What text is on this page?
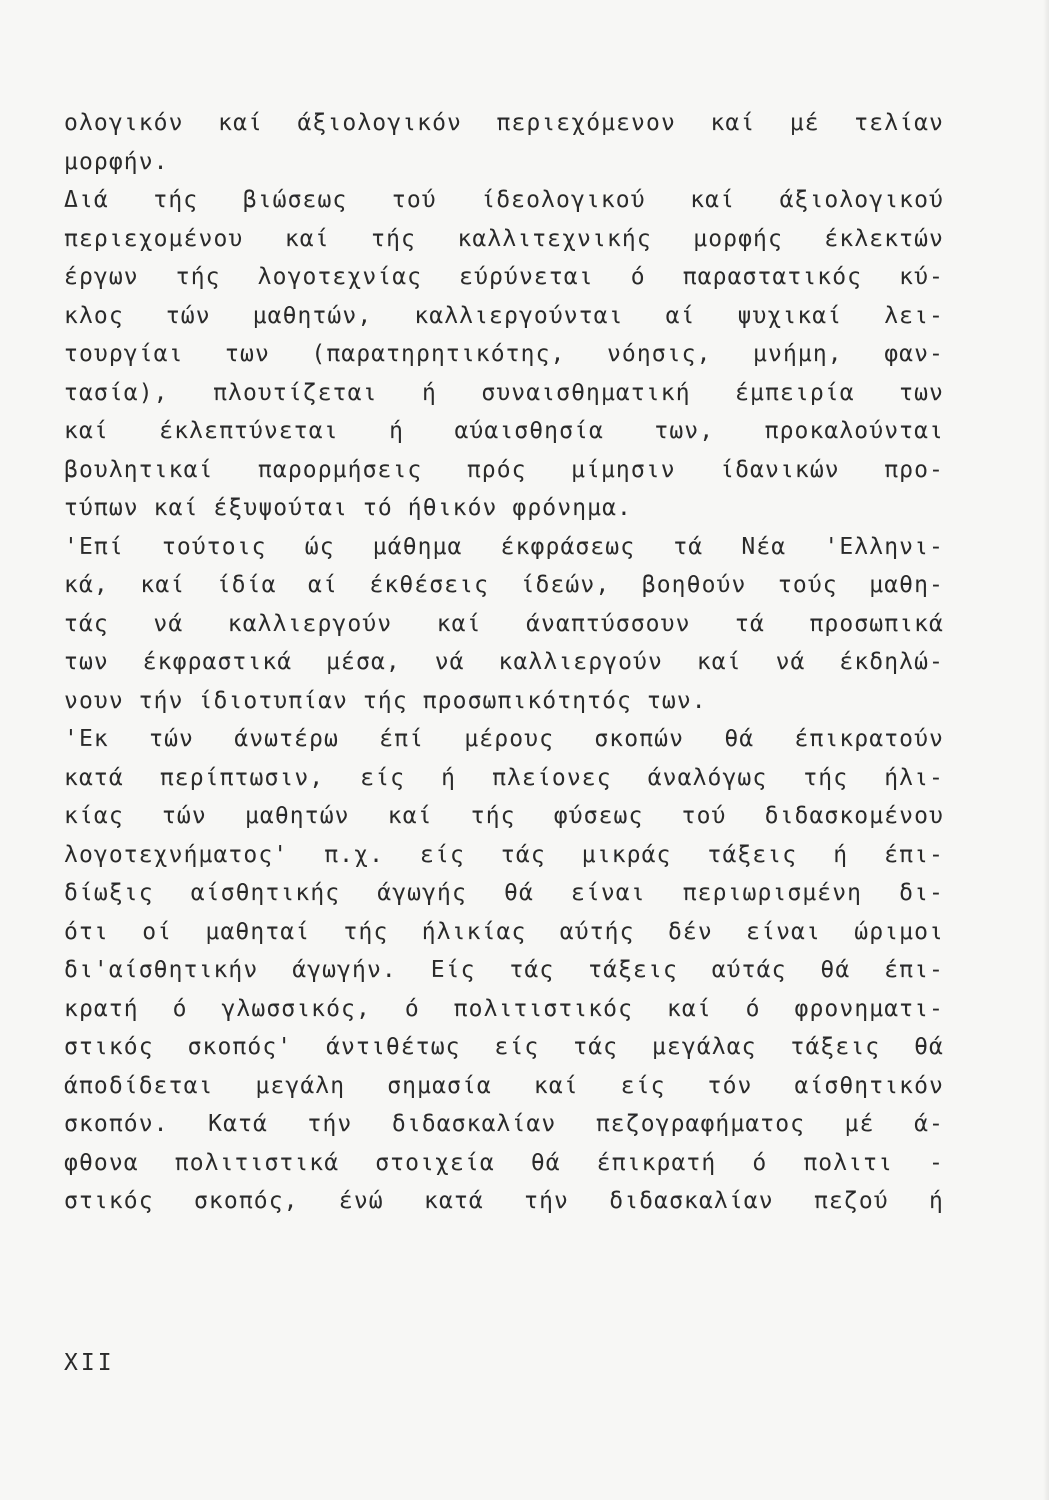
ολογικόν καί άξιολογικόν περιεχόμενον καί μέ τελίαν
μορφήν.
Διά τής βιώσεως τού ίδεολογικού καί άξιολογικού
περιεχομένου καί τής καλλιτεχνικής μορφής έκλεκτών
έργων τής λογοτεχνίας εύρύνεται ό παραστατικός κύ-
κλος τών μαθητών, καλλιεργούνται αί ψυχικαί λει-
τουργίαι των (παρατηρητικότης, νόησις, μνήμη, φαν-
τασία), πλουτίζεται ή συναισθηματική έμπειρία των
καί έκλεπτύνεται ή αύαισθησία των, προκαλούνται
βουλητικαί παρορμήσεις πρός μίμησιν ίδανικών προ-
τύπων καί έξυψούται τό ήθικόν φρόνημα.
'Επί τούτοις ώς μάθημα έκφράσεως τά Νέα 'Ελληνι-
κά, καί ίδία αί έκθέσεις ίδεών, βοηθούν τούς μαθη-
τάς νά καλλιεργούν καί άναπτύσσουν τά προσωπικά
των έκφραστικά μέσα, νά καλλιεργούν καί νά έκδηλώ-
νουν τήν ίδιοτυπίαν τής προσωπικότητός των.
'Εκ τών άνωτέρω έπί μέρους σκοπών θά έπικρατούν
κατά περίπτωσιν, είς ή πλείονες άναλόγως τής ήλι-
κίας τών μαθητών καί τής φύσεως τού διδασκομένου
λογοτεχνήματος' π.χ. είς τάς μικράς τάξεις ή έπι-
δίωξις αίσθητικής άγωγής θά είναι περιωρισμένη δι-
ότι οί μαθηταί τής ήλικίας αύτής δέν είναι ώριμοι
δι'αίσθητικήν άγωγήν. Είς τάς τάξεις αύτάς θά έπι-
κρατή ό γλωσσικός, ό πολιτιστικός καί ό φρονηματι-
στικός σκοπός' άντιθέτως είς τάς μεγάλας τάξεις θά
άποδίδεται μεγάλη σημασία καί είς τόν αίσθητικόν
σκοπόν. Κατά τήν διδασκαλίαν πεζογραφήματος μέ ά-
φθονα πολιτιστικά στοιχεία θά έπικρατή ό πολιτι -
στικός σκοπός, ένώ κατά τήν διδασκαλίαν πεζού ή
XII
